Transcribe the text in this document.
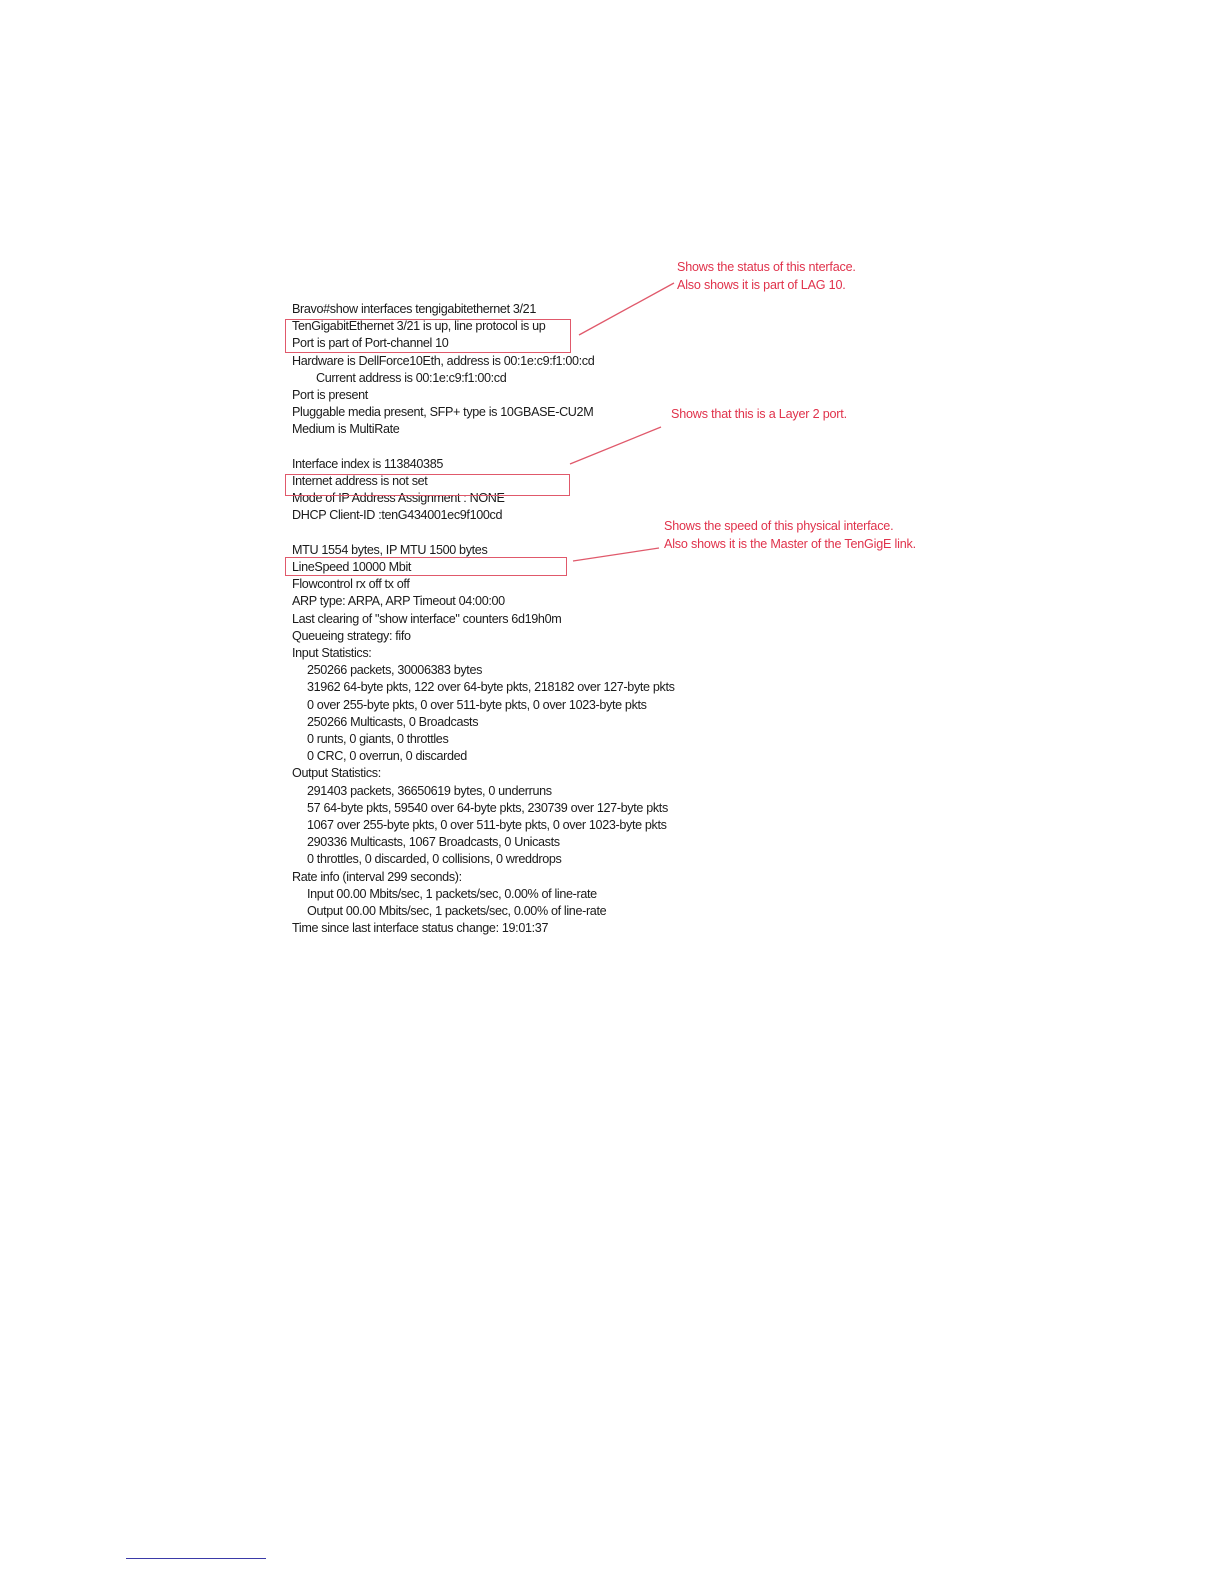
Bravo#show interfaces tengigabitethernet 3/21
TenGigabitEthernet 3/21 is up, line protocol is up
Port is part of Port-channel 10
Hardware is DellForce10Eth, address is 00:1e:c9:f1:00:cd
Current address is 00:1e:c9:f1:00:cd
Port is present
Pluggable media present, SFP+ type is 10GBASE-CU2M
Medium is MultiRate
Interface index is 113840385
Internet address is not set
Mode of IP Address Assignment : NONE
DHCP Client-ID :tenG434001ec9f100cd
MTU 1554 bytes, IP MTU 1500 bytes
LineSpeed 10000 Mbit
Flowcontrol rx off tx off
ARP type: ARPA, ARP Timeout 04:00:00
Last clearing of "show interface" counters 6d19h0m
Queueing strategy: fifo
Input Statistics:
250266 packets, 30006383 bytes
31962 64-byte pkts, 122 over 64-byte pkts, 218182 over 127-byte pkts
0 over 255-byte pkts, 0 over 511-byte pkts, 0 over 1023-byte pkts
250266 Multicasts, 0 Broadcasts
0 runts, 0 giants, 0 throttles
0 CRC, 0 overrun, 0 discarded
Output Statistics:
291403 packets, 36650619 bytes, 0 underruns
57 64-byte pkts, 59540 over 64-byte pkts, 230739 over 127-byte pkts
1067 over 255-byte pkts, 0 over 511-byte pkts, 0 over 1023-byte pkts
290336 Multicasts, 1067 Broadcasts, 0 Unicasts
0 throttles, 0 discarded, 0 collisions, 0 wreddrops
Rate info (interval 299 seconds):
Input 00.00 Mbits/sec, 1 packets/sec, 0.00% of line-rate
Output 00.00 Mbits/sec, 1 packets/sec, 0.00% of line-rate
Time since last interface status change: 19:01:37
Shows the status of this nterface.
Also shows it is part of LAG 10.
Shows that this is a Layer 2 port.
Shows the speed of this physical interface.
Also shows it is the Master of the TenGigE link.
